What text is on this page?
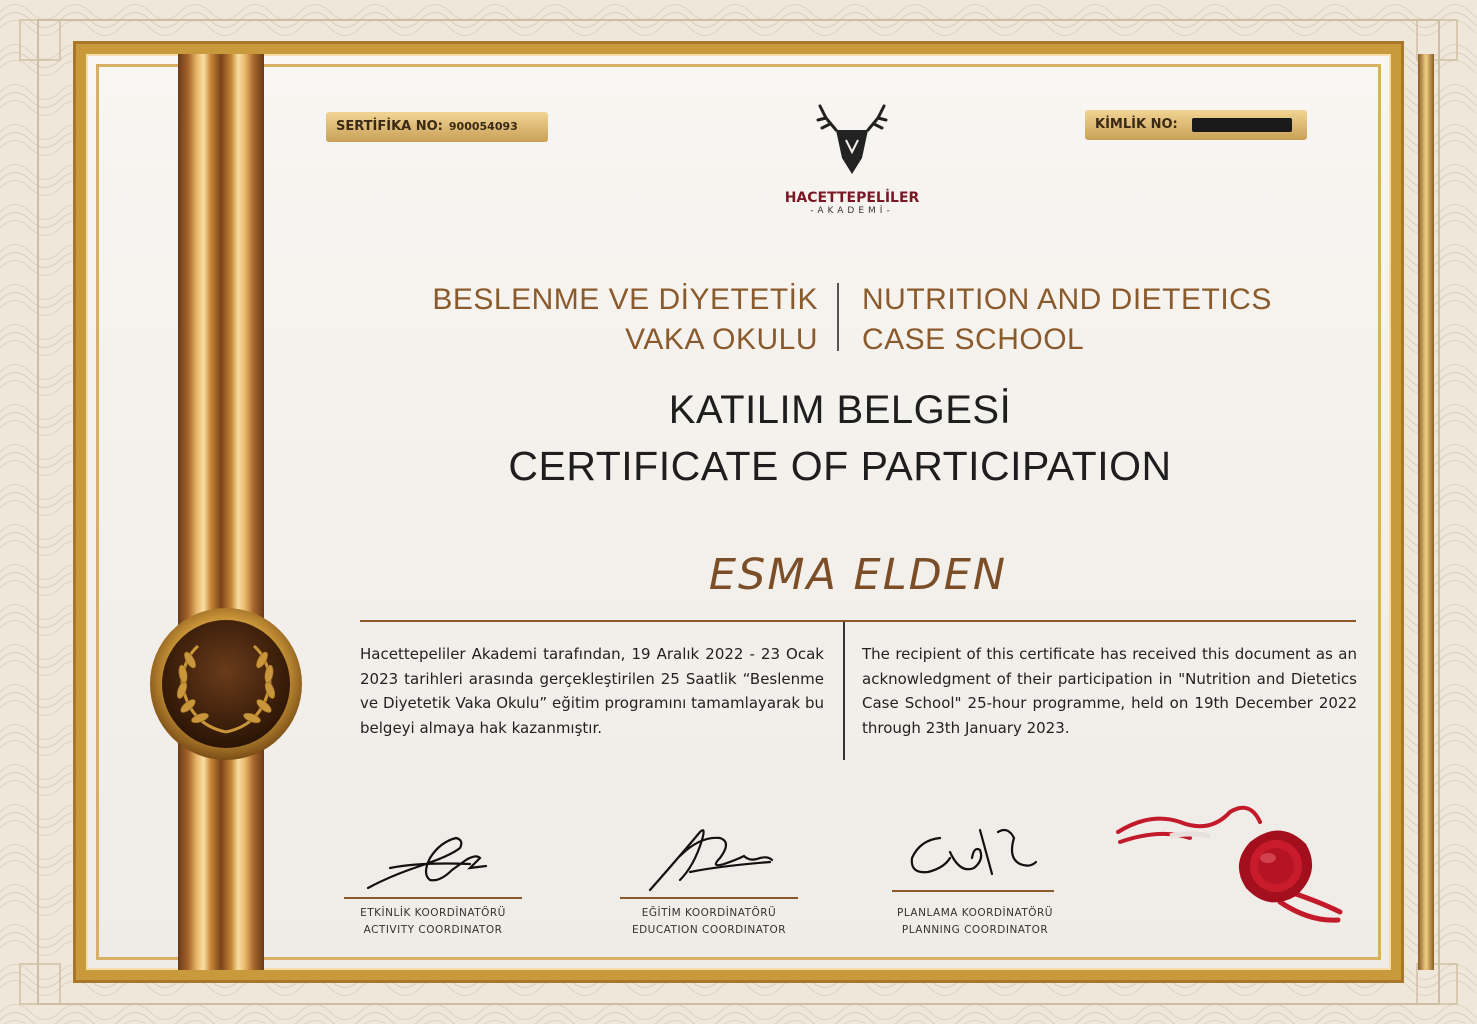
SERTİFİKA NO: 900054093	KİMLİK NO:
HACETTEPELİLER
-AKADEMİ-
BESLENME VE DİYETETİK
VAKA OKULU
NUTRITION AND DIETETICS
CASE SCHOOL
KATILIM BELGESİ
CERTIFICATE OF PARTICIPATION
ESMA ELDEN
Hacettepeliler Akademi tarafından, 19 Aralık 2022 - 23 Ocak 2023 tarihleri arasında gerçekleştirilen 25 Saatlik “Beslenme ve Diyetetik Vaka Okulu” eğitim programını tamamlayarak bu belgeyi almaya hak kazanmıştır.
The recipient of this certificate has received this document as an acknowledgment of their participation in "Nutrition and Dietetics Case School" 25-hour programme, held on 19th December 2022 through 23th January 2023.
ETKİNLİK KOORDİNATÖRÜ
ACTIVITY COORDINATOR
EĞİTİM KOORDİNATÖRÜ
EDUCATION COORDINATOR
PLANLAMA KOORDİNATÖRÜ
PLANNING COORDINATOR
